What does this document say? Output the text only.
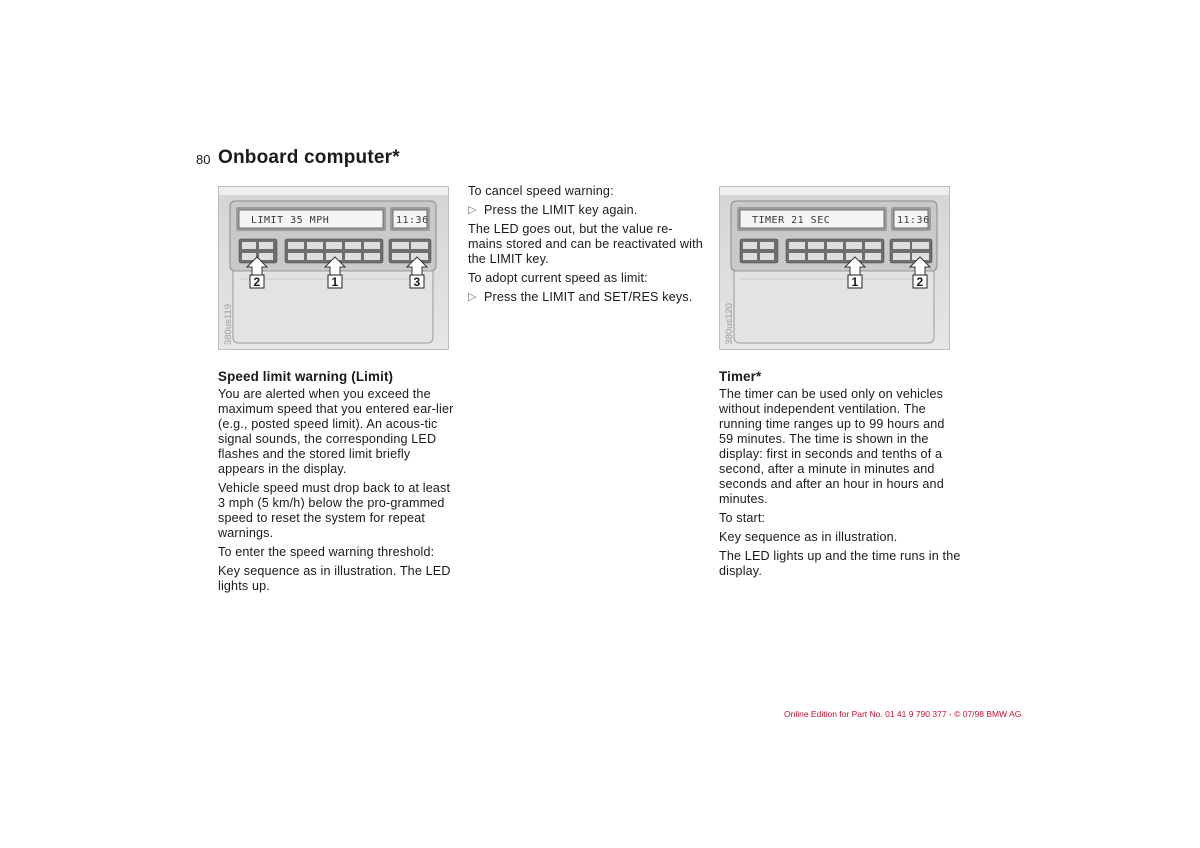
80 Onboard computer*
LIMIT 35 MPH	11:36
2	1	3
380us119
TIMER 21 SEC	11:36
1	2
380us120

To cancel speed warning:

▷ Press the LIMIT key again.

The LED goes out, but the value re-mains stored and can be reactivated with the LIMIT key.

To adopt current speed as limit:

▷ Press the LIMIT and SET/RES keys.

Speed limit warning (Limit)

You are alerted when you exceed the maximum speed that you entered ear-lier (e.g., posted speed limit). An acous-tic signal sounds, the corresponding LED flashes and the stored limit briefly appears in the display.

Vehicle speed must drop back to at least 3 mph (5 km/h) below the pro-grammed speed to reset the system for repeat warnings.

To enter the speed warning threshold:

Key sequence as in illustration. The LED lights up.

Timer*

The timer can be used only on vehicles without independent ventilation. The running time ranges up to 99 hours and 59 minutes. The time is shown in the display: first in seconds and tenths of a second, after a minute in minutes and seconds and after an hour in hours and minutes.

To start:

Key sequence as in illustration.

The LED lights up and the time runs in the display.

Online Edition for Part No. 01 41 9 790 377 - © 07/98 BMW AG
